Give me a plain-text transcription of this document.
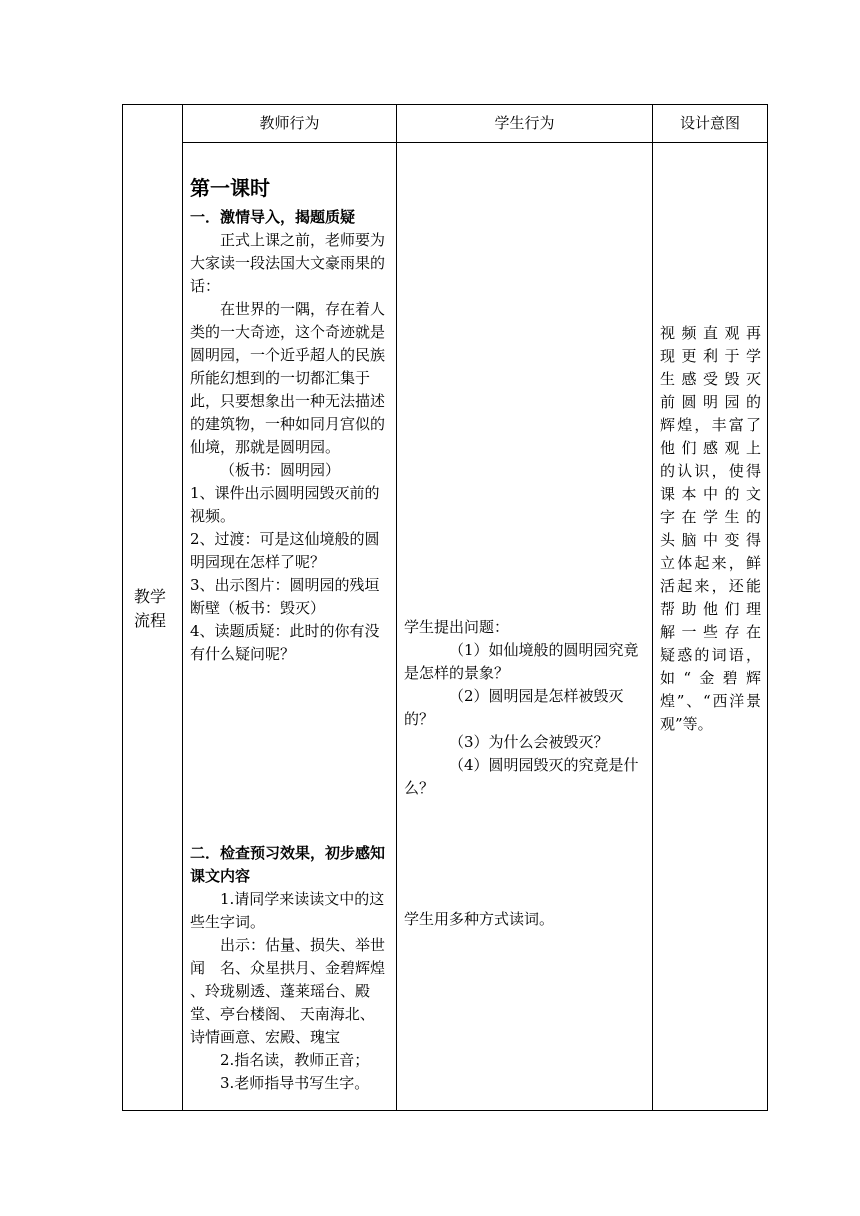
教师行为	学生行为	设计意图
教学流程

第一课时

一．激情导入，揭题质疑

正式上课之前，老师要为大家读一段法国大文豪雨果的话：

在世界的一隅，存在着人类的一大奇迹，这个奇迹就是圆明园，一个近乎超人的民族所能幻想到的一切都汇集于此，只要想象出一种无法描述的建筑物，一种如同月宫似的仙境，那就是圆明园。

（板书：圆明园）

1、课件出示圆明园毁灭前的视频。

2、过渡：可是这仙境般的圆明园现在怎样了呢？

3、出示图片：圆明园的残垣断壁（板书：毁灭）

4、读题质疑：此时的你有没有什么疑问呢？

二．检查预习效果，初步感知课文内容

1.请同学来读读文中的这些生字词。

出示：估量、损失、举世闻　名、众星拱月、金碧辉煌 、玲珑剔透、蓬莱瑶台、殿堂、亭台楼阁、 天南海北、 诗情画意、宏殿、瑰宝

2.指名读，教师正音；

3.老师指导书写生字。

学生提出问题：

（1）如仙境般的圆明园究竟是怎样的景象？

（2）圆明园是怎样被毁灭的？

（3）为什么会被毁灭？

（4）圆明园毁灭的究竟是什么？

学生用多种方式读词。
视频直观再
现更利于学
生感受毁灭
前圆明园的
辉煌，丰富了
他们感观上
的认识，使得
课本中的文
字在学生的
头脑中变得
立体起来，鲜
活起来，还能
帮助他们理
解一些存在
疑惑的词语，
如“金碧辉
煌”、“西洋景
观”等。
